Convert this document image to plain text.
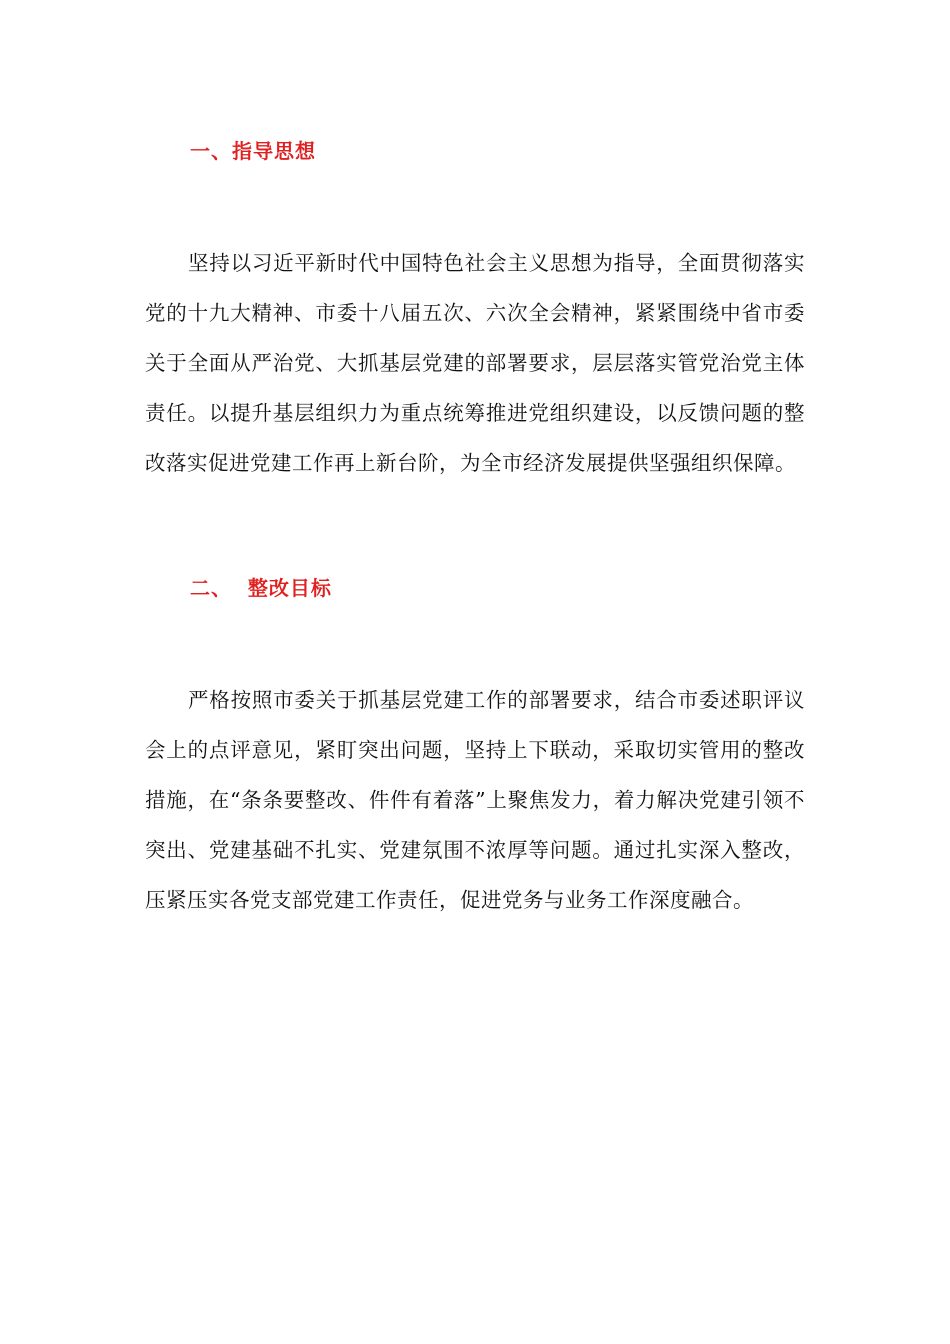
一、指导思想

坚持以习近平新时代中国特色社会主义思想为指导，全面贯彻落实党的十九大精神、市委十八届五次、六次全会精神，紧紧围绕中省市委关于全面从严治党、大抓基层党建的部署要求，层层落实管党治党主体责任。以提升基层组织力为重点统筹推进党组织建设，以反馈问题的整改落实促进党建工作再上新台阶，为全市经济发展提供坚强组织保障。

二、  整改目标

严格按照市委关于抓基层党建工作的部署要求，结合市委述职评议会上的点评意见，紧盯突出问题，坚持上下联动，采取切实管用的整改措施，在“条条要整改、件件有着落”上聚焦发力，着力解决党建引领不突出、党建基础不扎实、党建氛围不浓厚等问题。通过扎实深入整改，压紧压实各党支部党建工作责任，促进党务与业务工作深度融合。
